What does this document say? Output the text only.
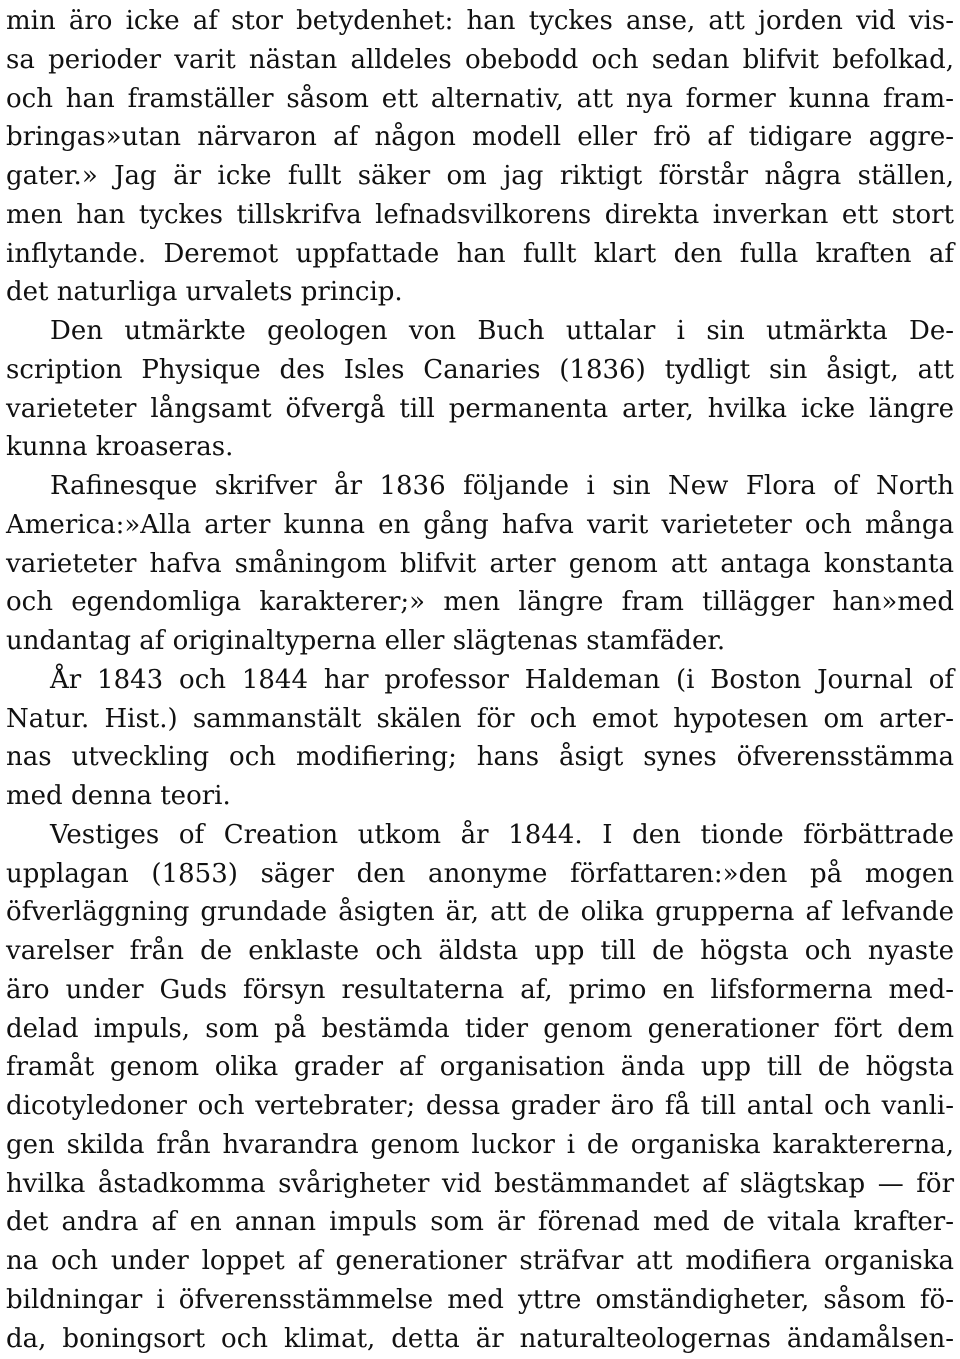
min äro icke af stor betydenhet: han tyckes anse, att jorden vid vis-
sa perioder varit nästan alldeles obebodd och sedan blifvit befolkad,
och han framställer såsom ett alternativ, att nya former kunna fram-
bringas»utan närvaron af någon modell eller frö af tidigare aggre-
gater.» Jag är icke fullt säker om jag riktigt förstår några ställen,
men han tyckes tillskrifva lefnadsvilkorens direkta inverkan ett stort
inflytande. Deremot uppfattade han fullt klart den fulla kraften af
det naturliga urvalets princip.
Den utmärkte geologen von Buch uttalar i sin utmärkta De-
scription Physique des Isles Canaries (1836) tydligt sin åsigt, att
varieteter långsamt öfvergå till permanenta arter, hvilka icke längre
kunna kroaseras.
Rafinesque skrifver år 1836 följande i sin New Flora of North
America:»Alla arter kunna en gång hafva varit varieteter och många
varieteter hafva småningom blifvit arter genom att antaga konstanta
och egendomliga karakterer;» men längre fram tillägger han»med
undantag af originaltyperna eller slägtenas stamfäder.
År 1843 och 1844 har professor Haldeman (i Boston Journal of
Natur. Hist.) sammanstält skälen för och emot hypotesen om arter-
nas utveckling och modifiering; hans åsigt synes öfverensstämma
med denna teori.
Vestiges of Creation utkom år 1844. I den tionde förbättrade
upplagan (1853) säger den anonyme författaren:»den på mogen
öfverläggning grundade åsigten är, att de olika grupperna af lefvande
varelser från de enklaste och äldsta upp till de högsta och nyaste
äro under Guds försyn resultaterna af, primo en lifsformerna med-
delad impuls, som på bestämda tider genom generationer fört dem
framåt genom olika grader af organisation ända upp till de högsta
dicotyledoner och vertebrater; dessa grader äro få till antal och vanli-
gen skilda från hvarandra genom luckor i de organiska karaktererna,
hvilka åstadkomma svårigheter vid bestämmandet af slägtskap — för
det andra af en annan impuls som är förenad med de vitala krafter-
na och under loppet af generationer sträfvar att modifiera organiska
bildningar i öfverensstämmelse med yttre omständigheter, såsom fö-
da, boningsort och klimat, detta är naturalteologernas ändamålsen-
